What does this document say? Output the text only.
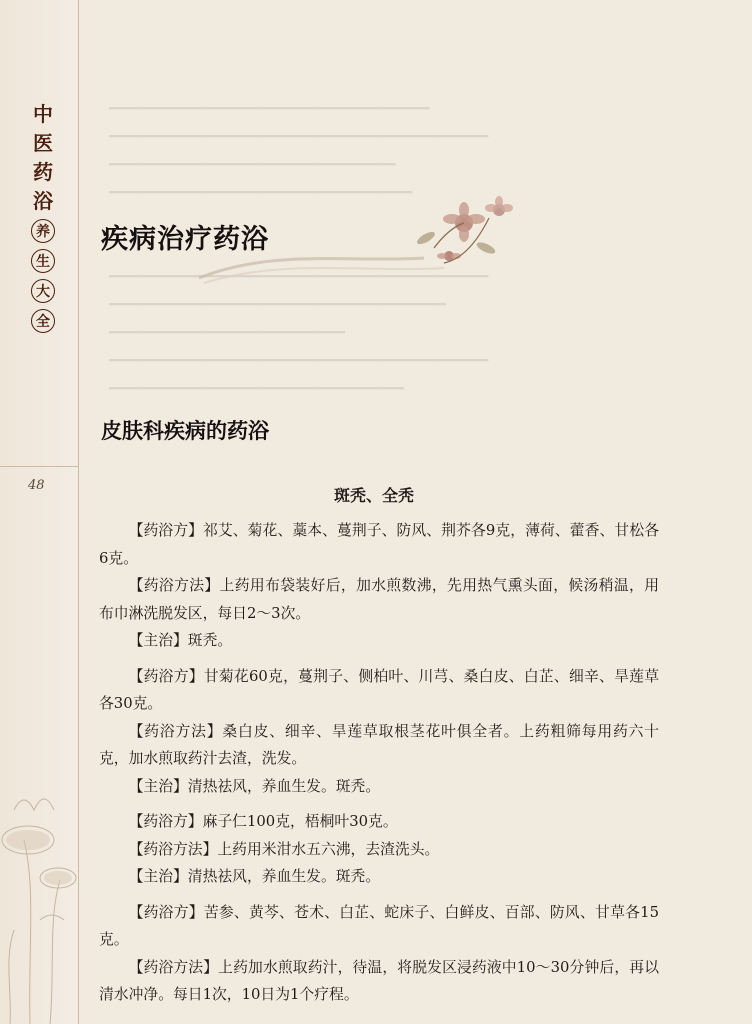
中
医
药
浴
养
生
大
全
48
━━━━━━━━━━━━━━━━━━━━━━━━━━━━━━━━━━━━━━
━━━━━━━━━━━━━━━━━━━━━━━━━━━━━━━━━━━━━━━━━━━━━
━━━━━━━━━━━━━━━━━━━━━━━━━━━━━━━━━━
━━━━━━━━━━━━━━━━━━━━━━━━━━━━━━━━━━━━

━━━━━━━━━━━━━━━━━━━━━━━━━━━━━━━━━━━━━━━━━━━━━
━━━━━━━━━━━━━━━━━━━━━━━━━━━━━━━━━━━━━━━━
━━━━━━━━━━━━━━━━━━━━━━━━━━━━
━━━━━━━━━━━━━━━━━━━━━━━━━━━━━━━━━━━━━━━━━━━━━
━━━━━━━━━━━━━━━━━━━━━━━━━━━━━━━━━━━
疾病治疗药浴
皮肤科疾病的药浴
斑秃、全秃

【药浴方】祁艾、菊花、藁本、蔓荆子、防风、荆芥各9克，薄荷、藿香、甘松各6克。

【药浴方法】上药用布袋装好后，加水煎数沸，先用热气熏头面，候汤稍温，用布巾淋洗脱发区，每日2～3次。

【主治】斑秃。

【药浴方】甘菊花60克，蔓荆子、侧柏叶、川芎、桑白皮、白芷、细辛、旱莲草各30克。

【药浴方法】桑白皮、细辛、旱莲草取根茎花叶俱全者。上药粗筛每用药六十克，加水煎取药汁去渣，洗发。

【主治】清热祛风，养血生发。斑秃。

【药浴方】麻子仁100克，梧桐叶30克。

【药浴方法】上药用米泔水五六沸，去渣洗头。

【主治】清热祛风，养血生发。斑秃。

【药浴方】苦参、黄芩、苍术、白芷、蛇床子、白鲜皮、百部、防风、甘草各15克。

【药浴方法】上药加水煎取药汁，待温，将脱发区浸药液中10～30分钟后，再以清水冲净。每日1次，10日为1个疗程。
